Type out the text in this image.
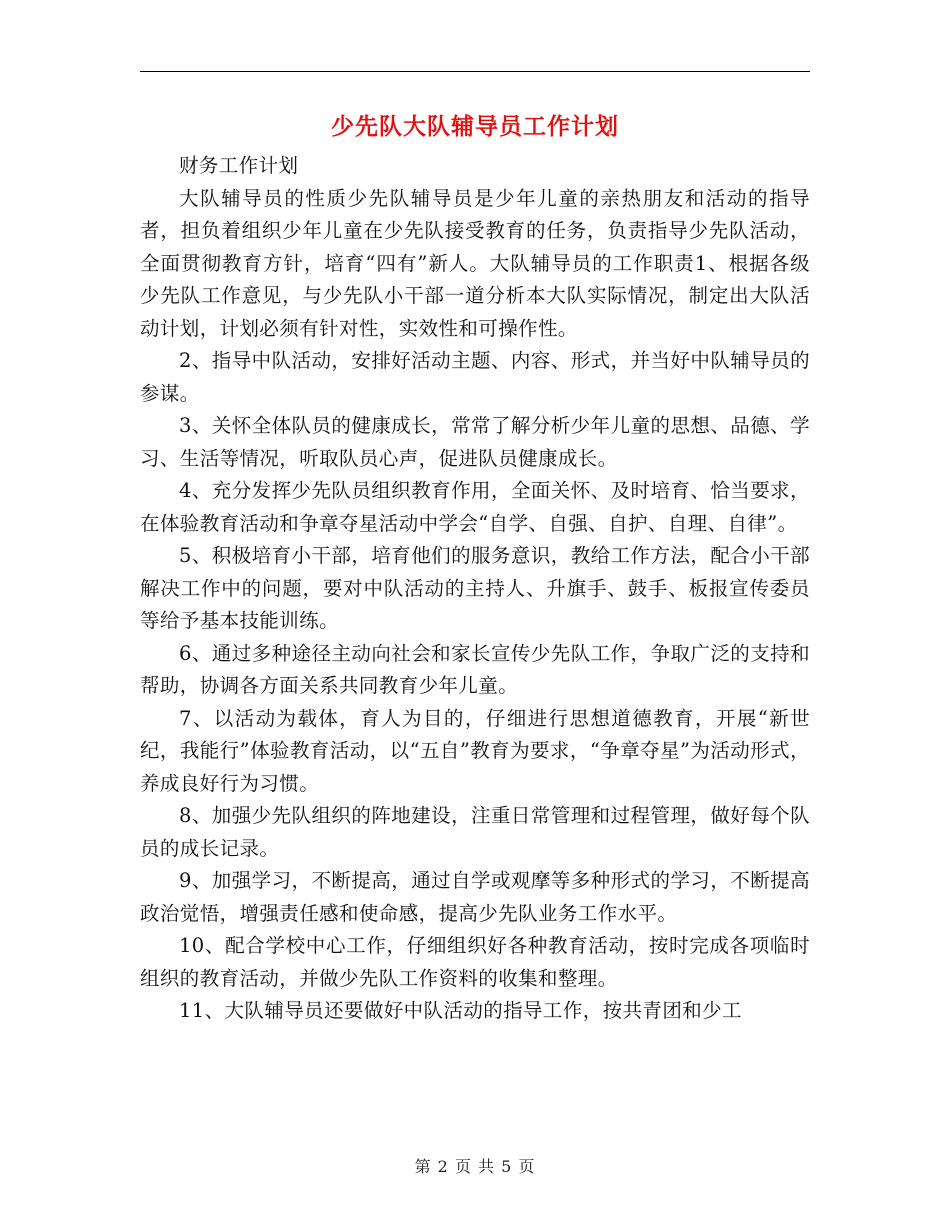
少先队大队辅导员工作计划

财务工作计划

大队辅导员的性质少先队辅导员是少年儿童的亲热朋友和活动的指导者，担负着组织少年儿童在少先队接受教育的任务，负责指导少先队活动，全面贯彻教育方针，培育“四有”新人。大队辅导员的工作职责1、根据各级少先队工作意见，与少先队小干部一道分析本大队实际情况，制定出大队活动计划，计划必须有针对性，实效性和可操作性。

2、指导中队活动，安排好活动主题、内容、形式，并当好中队辅导员的参谋。

3、关怀全体队员的健康成长，常常了解分析少年儿童的思想、品德、学习、生活等情况，听取队员心声，促进队员健康成长。

4、充分发挥少先队员组织教育作用，全面关怀、及时培育、恰当要求，在体验教育活动和争章夺星活动中学会“自学、自强、自护、自理、自律”。

5、积极培育小干部，培育他们的服务意识，教给工作方法，配合小干部解决工作中的问题，要对中队活动的主持人、升旗手、鼓手、板报宣传委员等给予基本技能训练。

6、通过多种途径主动向社会和家长宣传少先队工作，争取广泛的支持和帮助，协调各方面关系共同教育少年儿童。

7、以活动为载体，育人为目的，仔细进行思想道德教育，开展“新世纪，我能行”体验教育活动，以“五自”教育为要求，“争章夺星”为活动形式，养成良好行为习惯。

8、加强少先队组织的阵地建设，注重日常管理和过程管理，做好每个队员的成长记录。

9、加强学习，不断提高，通过自学或观摩等多种形式的学习，不断提高政治觉悟，增强责任感和使命感，提高少先队业务工作水平。

10、配合学校中心工作，仔细组织好各种教育活动，按时完成各项临时组织的教育活动，并做少先队工作资料的收集和整理。

11、大队辅导员还要做好中队活动的指导工作，按共青团和少工

第 2 页 共 5 页
